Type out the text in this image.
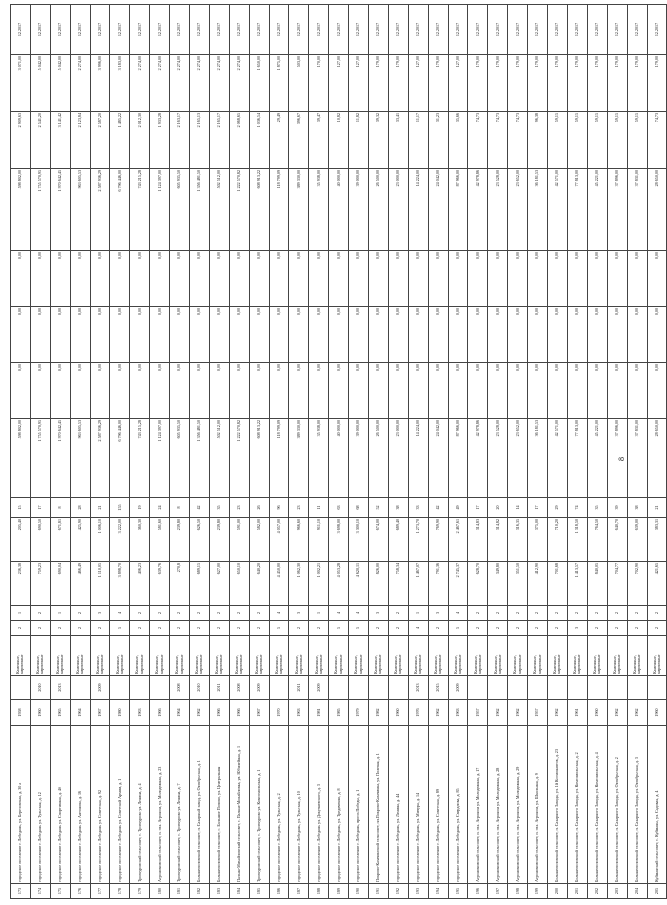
173	городское поселение г. Лебедянь, ул. Березовская, д. 30 а	1958		Каменные, кирпичные	2	1	236,38	205,40	15	598 802,00	0,00	0,00	0,00	598 802,00	2 909,63	3 071,00	12.2017
174	городское поселение г. Лебедянь ул. Тульская, д. 12	1960	2010	Каменные, кирпичные	2	2	759,23	690,50	17	1 755 570,95	0,00	0,00	0,00	1 755 570,95	2 541,20	5 042,00	12.2017
175	городское поселение г. Лебедянь ул. Спортивная, д. 4б	1965	2013	Каменные, кирпичные	2	1	690,04	671,81	8	1 970 642,45	0,00	0,00	0,00	1 970 642,45	3 141,42	5 042,00	12.2017
176	городское поселение г. Лебедянь ул. Антонова, д. 16	1964		Каменные, кирпичные	2	2	466,49	425,90	28	963 605,53	0,00	0,00	0,00	963 605,53	2 123,84	2 274,00	12.2017
177	городское поселение г. Лебедянь ул. Советская, д. 92	1967	2009	Каменные, кирпичные	2	3	1 110,05	1 006,10	21	2 587 936,29	0,00	0,00	0,00	2 587 936,29	2 587,20	3 996,00	12.2017
178	городское поселение г. Лебедянь ул. Советской Армии, д. 1	1980		Каменные, кирпичные	5	4	3 898,70	3 222,00	155	6 796 446,00	0,00	0,00	0,00	6 796 446,00	1 485,22	3 183,00	12.2017
179	Троекуровский сельсовет, с. Троекурово ул. Ленина, д. 4	1963		Каменные, кирпичные	2	2	406,23	360,30	19	743 215,28	0,00	0,00	0,00	743 215,28	2 012,30	2 274,00	12.2017
180	Агрономовский сельсовет, п. свх. Агроном, ул. Молодежная, д. 23	1966		Каменные, кирпичные	2	2	639,76	581,60	24	1 124 397,00	0,00	0,00	0,00	1 124 397,00	1 933,28	2 274,00	12.2017
181	Троекуровский сельсовет, с. Троекурово ул. Ленина, д. 7	1964	2008	Каменные, кирпичные	2	2	270,8	239,80	8	605 935,50	0,00	0,00	0,00	605 935,50	2 163,17	2 274,00	12.2017
182	Большепоповский сельсовет, п. Сахарный завод, ул. Октябрьская, д. 1	1962	2010	Каменные, кирпичные	2	2	689,15	626,50	42	1 356 481,50	0,00	0,00	0,00	1 356 481,50	2 165,13	2 274,00	12.2017
183	Большепоповский сельсовет, с. Большое Попово, ул. Центральная	1966	2011	Каменные, кирпичные	2	2	627,00	239,80	35	502 512,00	0,00	0,00	0,00	502 512,00	2 165,17	2 274,00	12.2017
184	Пальна-Михайловский сельсовет, с. Пальна-Михайловка, ул. Юбилейная, д. 1	1966	2008	Каменные, кирпичные	2	2	650,10	591,00	23	1 222 570,82	0,00	0,00	0,00	1 222 570,82	2 068,65	2 274,00	12.2017
185	Троекуровский сельсовет, с. Троекурово ул. Комсомольская, д. 1	1967	2009	Каменные, кирпичные	2	2	640,20	582,00	26	608 913,22	0,00	0,00	0,00	608 913,22	1 036,54	1 650,00	12.2017
186	городское поселение г. Лебедянь, ул. Тульская, д. 2	1970		Каменные, кирпичные	5	4	4 450,00	4 057,00	96	118 799,09	0,00	0,00	0,00	118 799,09	29,49	1 875,00	12.2017
187	городское поселение г. Лебедянь, ул. Тульская, д. 10	1963	2011	Каменные, кирпичные	2	3	1 062,30	966,60	23	389 330,00	0,00	0,00	0,00	389 330,00	396,67	503,00	12.2017
188	городское поселение г. Лебедянь ул. Докучаевского, д. 3	1981	2009	Каменные, кирпичные	2	1	1 002,21	911,10	11	35 938,00	0,00	0,00	0,00	35 938,00	39,47	170,00	12.2017
189	городское поселение г. Лебедянь, ул. Тредиченко, д. 8	1985		Каменные, кирпичные	5	4	4 053,28	3 698,00	63	40 000,00	0,00	0,00	0,00	40 000,00	10,82	127,00	12.2017
190	городское поселение г. Лебедянь, просп.Победы, д. 1	1979		Каменные, кирпичные	5	4	4 620,11	3 300,10	68	39 000,00	0,00	0,00	0,00	39 000,00	11,82	127,00	12.2017
191	Покрово-Казачинский сельсовет, пл.Покрово-Казачинка, ул. Полевая, д. 1	1982		Каменные, кирпичные	2	3	826,00	674,00	52	26 500,00	0,00	0,00	0,00	26 500,00	39,32	179,00	12.2017
192	городское поселение г. Лебедянь, ул. Ленина, д. 44	1960		Каменные, кирпичные	2	2	758,34	689,40	38	23 000,00	0,00	0,00	0,00	23 000,00	33,41	179,00	12.2017
193	городское поселение г. Лебедянь, ул. Мичура, д. 14	1976	2013	Каменные, кирпичные	4	1	1 467,07	1 273,70	33	14 224,00	0,00	0,00	0,00	14 224,00	11,17	127,00	12.2017
194	городское поселение г. Лебедянь, ул. Советская, д. 89	1962	2015	Каменные, кирпичные	2	3	791,36	769,90	42	24 042,00	0,00	0,00	0,00	24 042,00	31,23	179,00	12.2017
195	городское поселение г. Лебедянь, ул. Свердлова, д. 85	1963	2009	Каменные, кирпичные	5	4	2 745,37	2 467,61	49	87 966,00	0,00	0,00	0,00	87 966,00	35,66	127,00	12.2017
196	Агрономовский сельсовет, п. свх. Агроном ул. Молодежная, д. 17	1957		Каменные, кирпичные	2	2	628,70	314,83	17	42 978,86	0,00	0,00	0,00	42 978,86	74,73	179,00	12.2017
197	Агрономовский сельсовет, п. свх. Агроном ул. Молодежная, д. 28	1962		Каменные, кирпичные	2	2	349,80	314,82	20	23 528,00	0,00	0,00	0,00	23 528,00	74,73	179,00	12.2017
198	Агрономовский сельсовет, п. свх. Агроном, ул. Молодежная, д. 29	1962		Каменные, кирпичные	2	2	351,50	316,35	14	23 652,00	0,00	0,00	0,00	23 652,00	74,73	179,00	12.2017
199	Агрономовский сельсовет, п. свх. Агроном, ул. Школьная, д. 9	1957		Каменные, кирпичные	2	2	412,90	375,00	17	36 181,53	0,00	0,00	0,00	36 181,53	96,38	179,00	12.2017
200	Большепоповский сельсовет, п. Сахарного Завода, ул. 1й Космонавтов, д. 23	1962		Каменные, кирпичные	2	2	701,68	710,20	29	42 571,00	0,00	0,00	0,00	42 571,00	59,15	179,00	12.2017
201	Большепоповский сельсовет, п. Сахарного Завода, ул. Комсомольская, д. 2	1961		Каменные, кирпичные	3	2	1 413,57	1 318,50	74	77 813,00	0,00	0,00	0,00	77 813,00	59,15	179,00	12.2017
202	Большепоповский сельсовет, п. Сахарного Завода, ул. Комсомольская, д. 4	1960		Каменные, кирпичные	2	2	840,05	764,50	35	45 221,00	0,00	0,00	0,00	45 221,00	59,15	179,00	12.2017
203	Большепоповский сельсовет, п. Сахарного Завода, ул. Октябрьская, д. 2	1962		Каменные, кирпичные	2	2	704,77	640,70	39	37 896,00	0,00	0,00	0,00	37 896,00	59,15	179,00	12.2017
204	Большепоповский сельсовет, п. Сахарного Завода, ул. Октябрьская, д. 3	1962		Каменные, кирпичные	2	2	702,90	639,00	38	37 831,00	0,00	0,00	0,00	37 831,00	59,15	179,00	12.2017
205	Куйманский сельсовет, с. Куйманы, ул. Садовая, д. 4	1960		Каменные, кирпичные	2	2	421,65	383,31	21	28 650,00	0,00	0,00	0,00	28 650,00	74,73	179,00	12.2017
8
